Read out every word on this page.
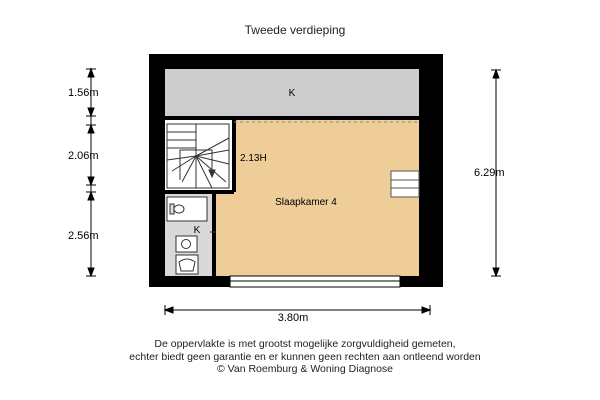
Tweede verdieping
K
Slaapkamer 4
K
2.13H
1.56m
2.06m
2.56m
6.29m
3.80m
De oppervlakte is met grootst mogelijke zorgvuldigheid gemeten,
echter biedt geen garantie en er kunnen geen rechten aan ontleend worden
© Van Roemburg & Woning Diagnose
